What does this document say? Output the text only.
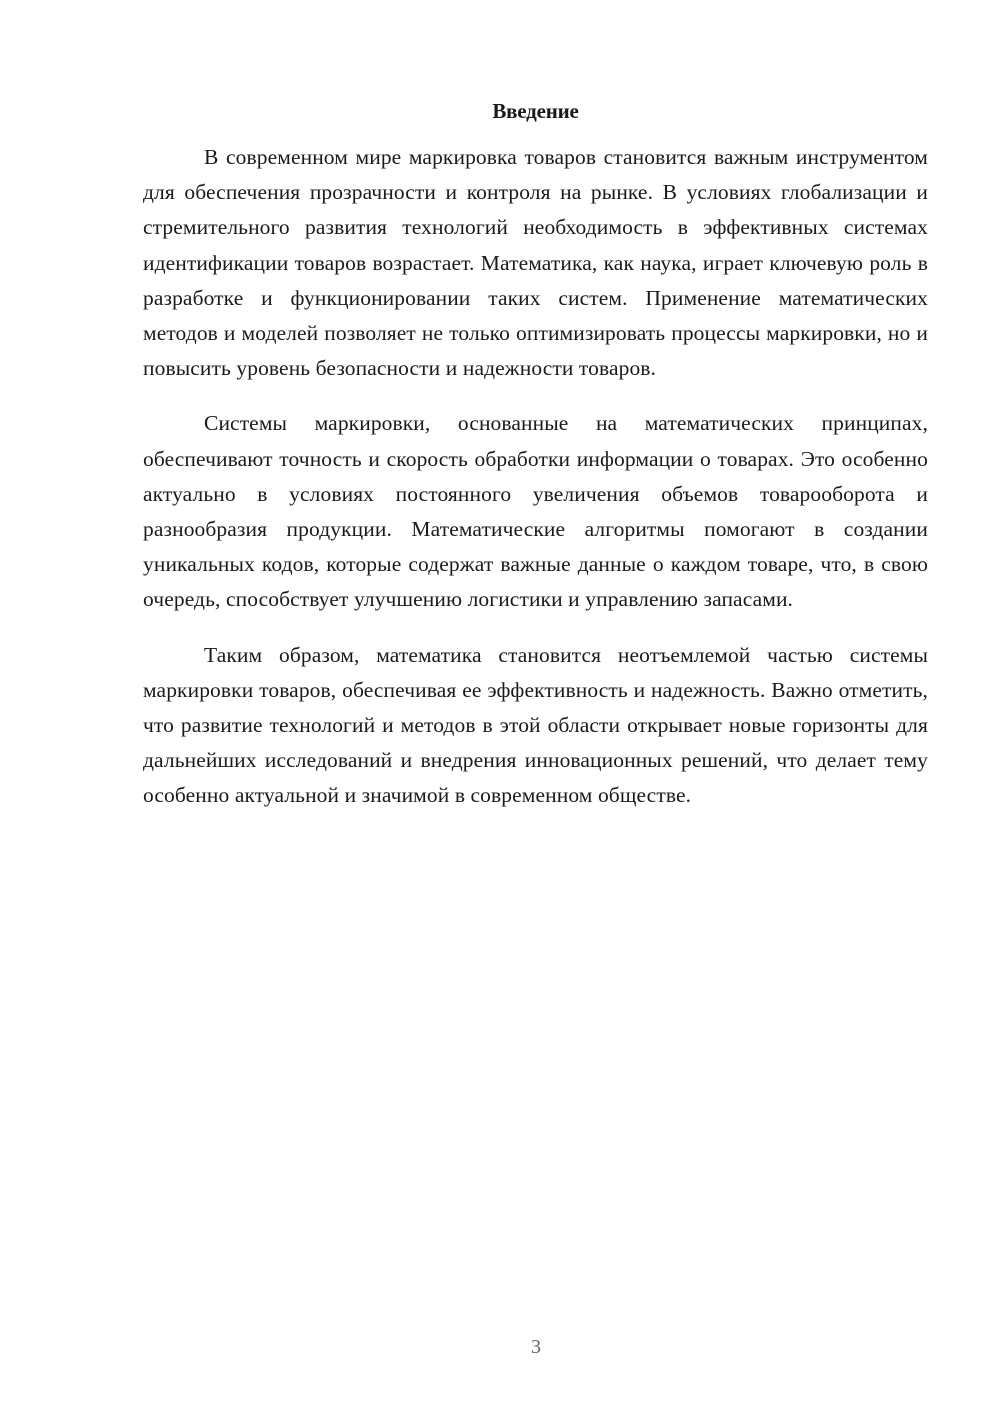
Введение

В современном мире маркировка товаров становится важным инструментом для обеспечения прозрачности и контроля на рынке. В условиях глобализации и стремительного развития технологий необходимость в эффективных системах идентификации товаров возрастает. Математика, как наука, играет ключевую роль в разработке и функционировании таких систем. Применение математических методов и моделей позволяет не только оптимизировать процессы маркировки, но и повысить уровень безопасности и надежности товаров.

Системы маркировки, основанные на математических принципах, обеспечивают точность и скорость обработки информации о товарах. Это особенно актуально в условиях постоянного увеличения объемов товарооборота и разнообразия продукции. Математические алгоритмы помогают в создании уникальных кодов, которые содержат важные данные о каждом товаре, что, в свою очередь, способствует улучшению логистики и управлению запасами.

Таким образом, математика становится неотъемлемой частью системы маркировки товаров, обеспечивая ее эффективность и надежность. Важно отметить, что развитие технологий и методов в этой области открывает новые горизонты для дальнейших исследований и внедрения инновационных решений, что делает тему особенно актуальной и значимой в современном обществе.

3
